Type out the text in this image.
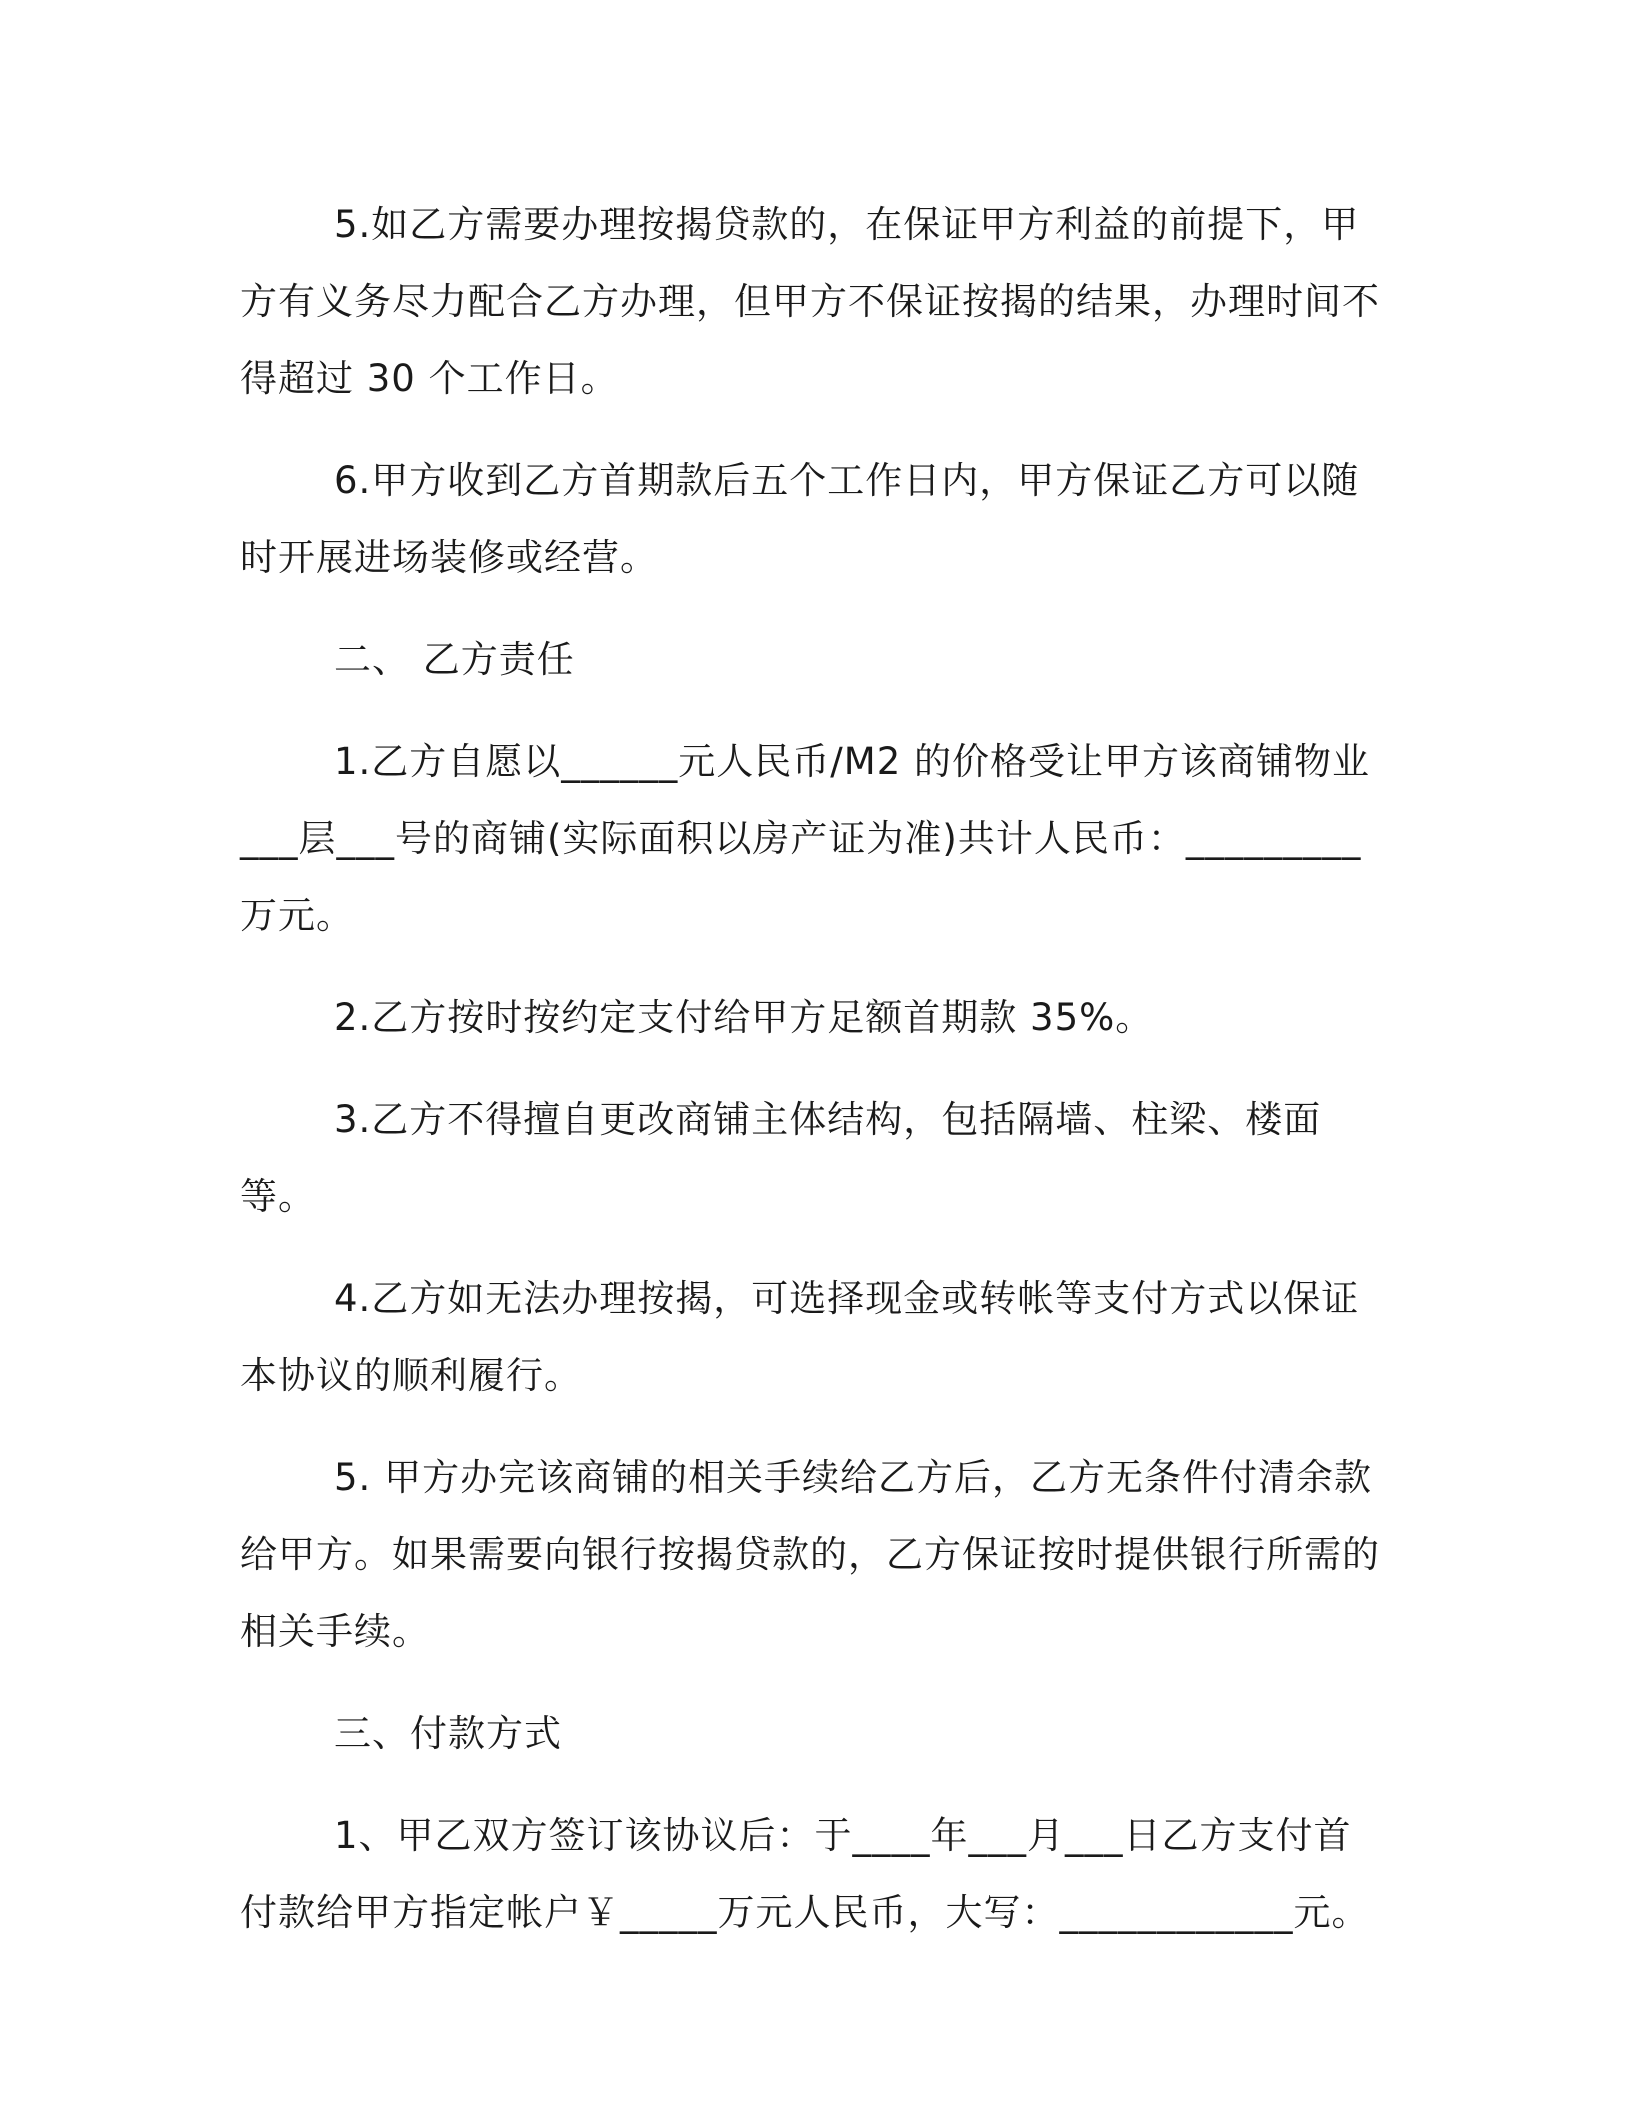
5.如乙方需要办理按揭贷款的，在保证甲方利益的前提下，甲方有义务尽力配合乙方办理，但甲方不保证按揭的结果，办理时间不得超过 30 个工作日。

6.甲方收到乙方首期款后五个工作日内，甲方保证乙方可以随时开展进场装修或经营。

二、 乙方责任

1.乙方自愿以______元人民币/M2 的价格受让甲方该商铺物业___层___号的商铺(实际面积以房产证为准)共计人民币：_________万元。

2.乙方按时按约定支付给甲方足额首期款 35%。

3.乙方不得擅自更改商铺主体结构，包括隔墙、柱梁、楼面等。

4.乙方如无法办理按揭，可选择现金或转帐等支付方式以保证本协议的顺利履行。

5. 甲方办完该商铺的相关手续给乙方后，乙方无条件付清余款给甲方。如果需要向银行按揭贷款的，乙方保证按时提供银行所需的相关手续。

三、付款方式

1、甲乙双方签订该协议后：于____年___月___日乙方支付首付款给甲方指定帐户￥_____万元人民币，大写：____________元。
